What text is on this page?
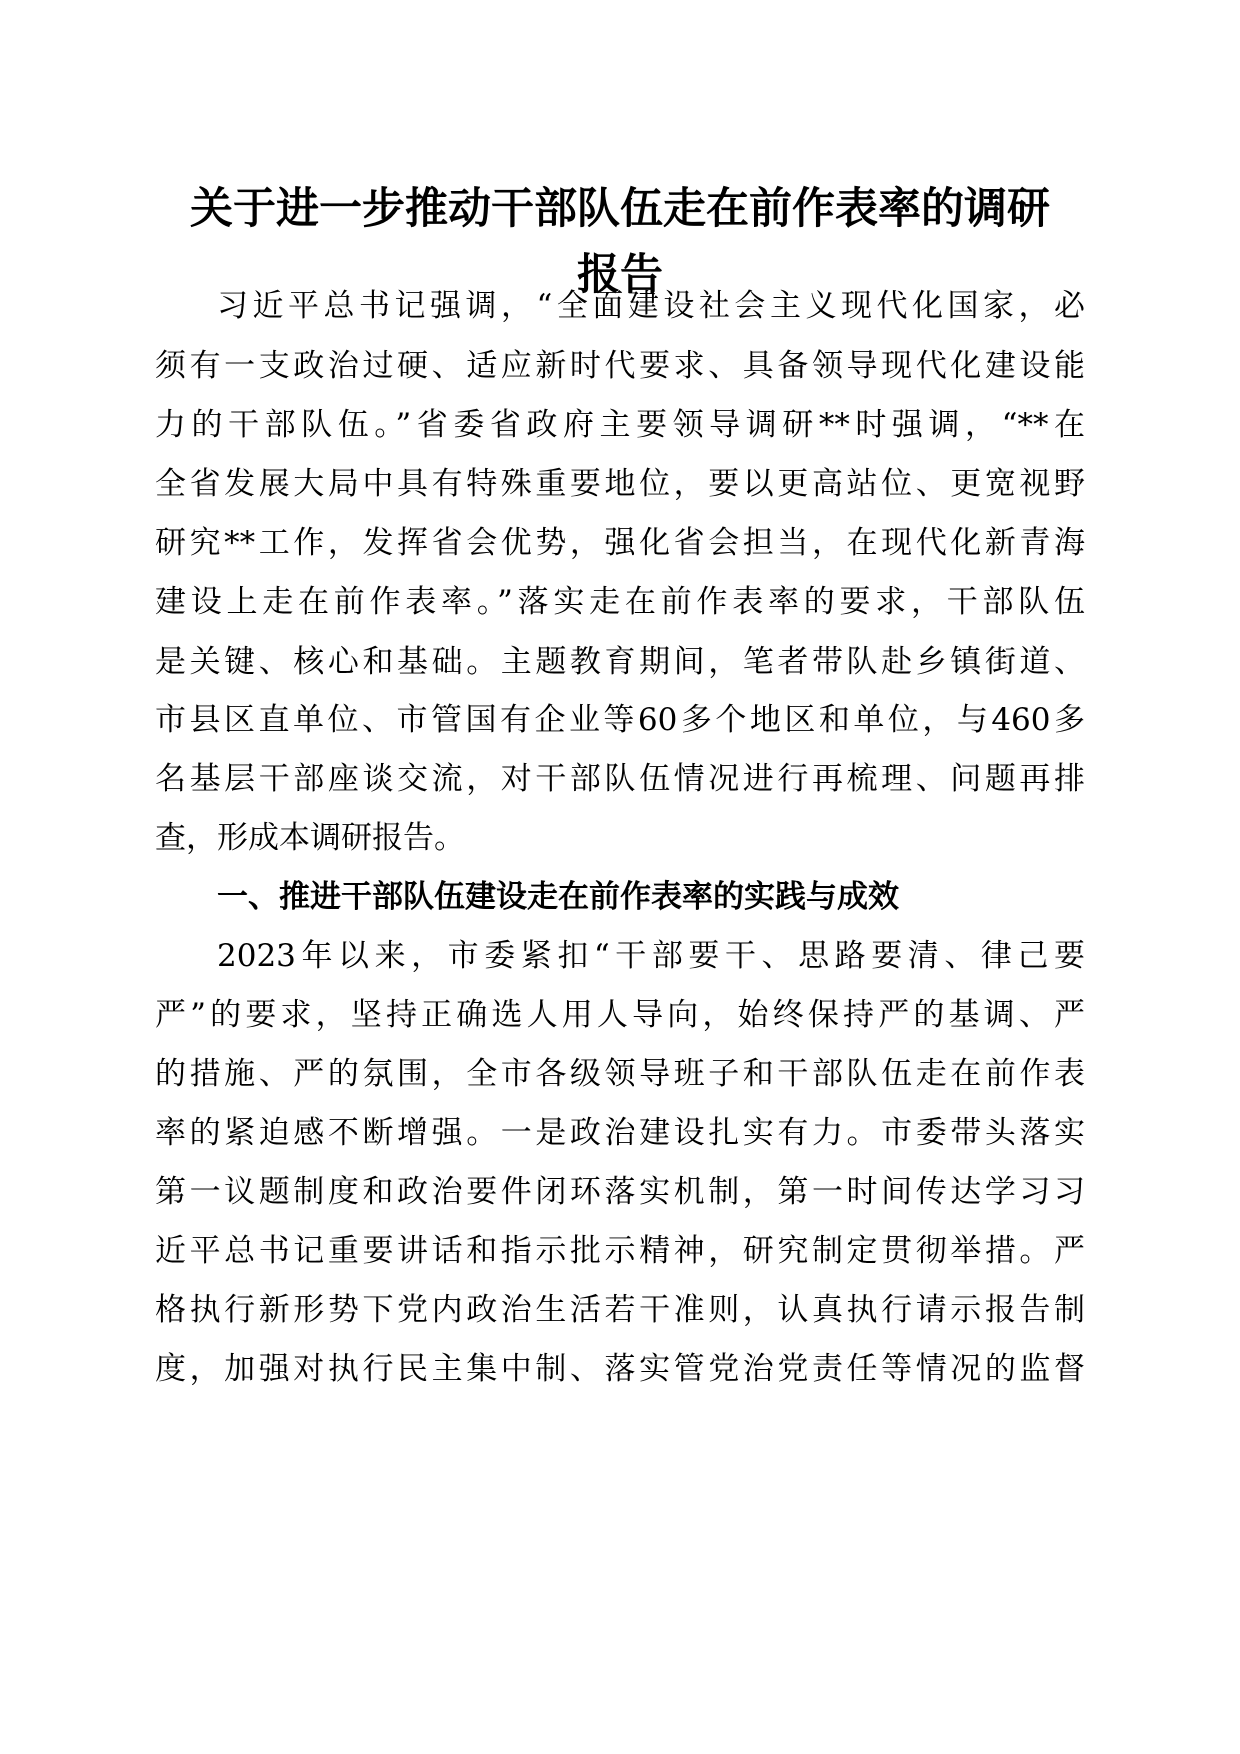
关于进一步推动干部队伍走在前作表率的调研
报告

习近平总书记强调，“全面建设社会主义现代化国家，必

须有一支政治过硬、适应新时代要求、具备领导现代化建设能

力的干部队伍。”省委省政府主要领导调研**时强调，“**在

全省发展大局中具有特殊重要地位，要以更高站位、更宽视野

研究**工作，发挥省会优势，强化省会担当，在现代化新青海

建设上走在前作表率。”落实走在前作表率的要求，干部队伍

是关键、核心和基础。主题教育期间，笔者带队赴乡镇街道、

市县区直单位、市管国有企业等60多个地区和单位，与460多

名基层干部座谈交流，对干部队伍情况进行再梳理、问题再排

查，形成本调研报告。

一、推进干部队伍建设走在前作表率的实践与成效

2023年以来，市委紧扣“干部要干、思路要清、律己要

严”的要求，坚持正确选人用人导向，始终保持严的基调、严

的措施、严的氛围，全市各级领导班子和干部队伍走在前作表

率的紧迫感不断增强。一是政治建设扎实有力。市委带头落实

第一议题制度和政治要件闭环落实机制，第一时间传达学习习

近平总书记重要讲话和指示批示精神，研究制定贯彻举措。严

格执行新形势下党内政治生活若干准则，认真执行请示报告制

度，加强对执行民主集中制、落实管党治党责任等情况的监督
